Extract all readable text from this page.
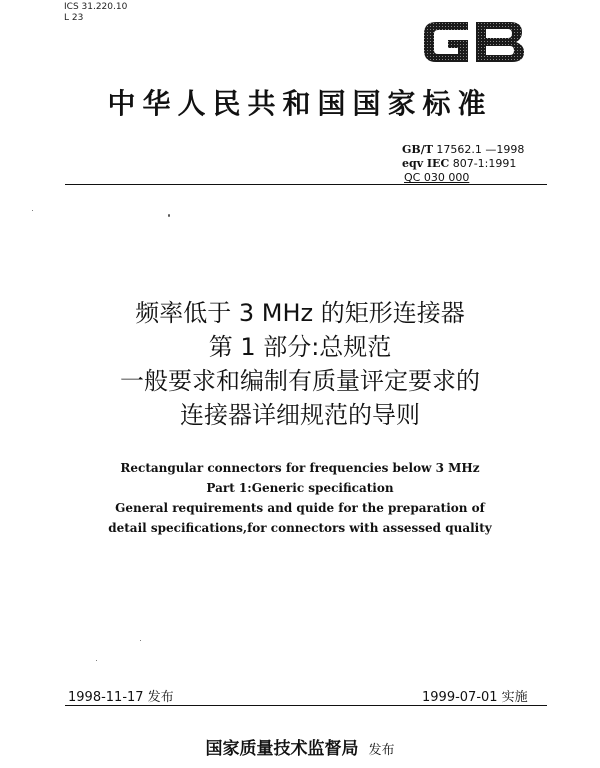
ICS 31.220.10
L 23
中华人民共和国国家标准
GB/T 17562.1 —1998
eqv IEC 807-1:1991
QC 030 000
频率低于 3 MHz 的矩形连接器
第 1 部分:总规范
一般要求和编制有质量评定要求的
连接器详细规范的导则
Rectangular connectors for frequencies below 3 MHz
Part 1:Generic specification
General requirements and quide for the preparation of
detail specifications,for connectors with assessed quality
1998-11-17 发布	1999-07-01 实施
国家质量技术监督局 发布
